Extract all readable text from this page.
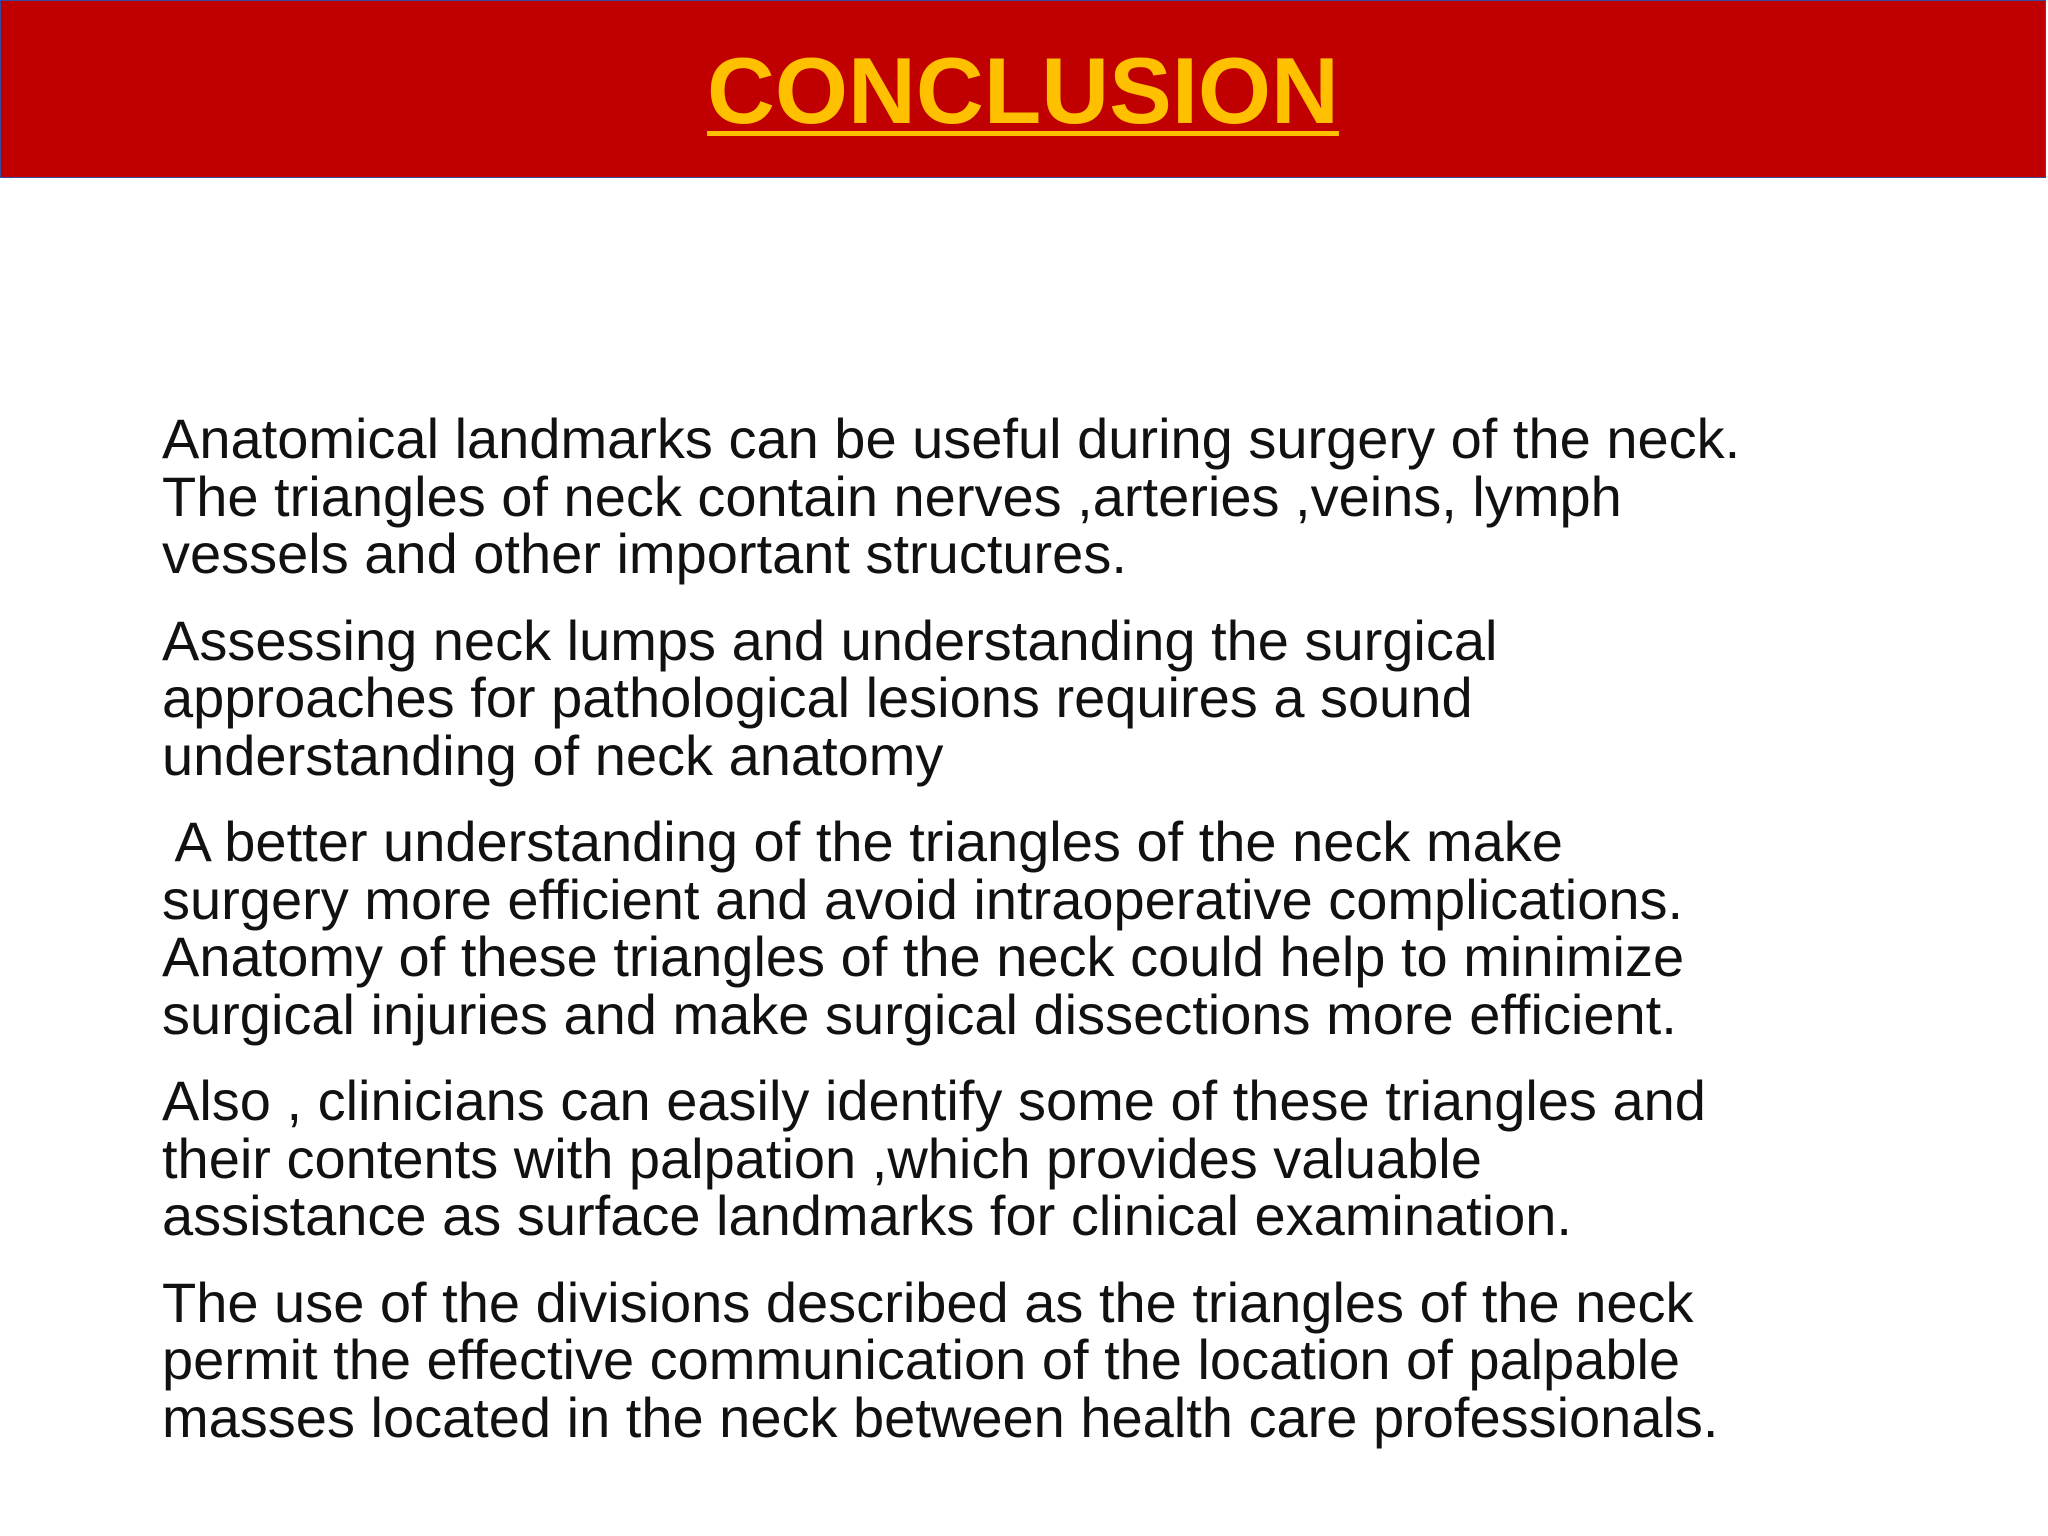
CONCLUSION

Anatomical landmarks can be useful during surgery of the neck.
The triangles of neck contain nerves ,arteries ,veins, lymph
vessels and other important structures.

Assessing neck lumps and understanding the surgical
approaches for pathological lesions requires a sound
understanding of neck anatomy

A better understanding of the triangles of the neck make
surgery more efficient and avoid intraoperative complications.
Anatomy of these triangles of the neck could help to minimize
surgical injuries and make surgical dissections more efficient.

Also , clinicians can easily identify some of these triangles and
their contents with palpation ,which provides valuable
assistance as surface landmarks for clinical examination.

The use of the divisions described as the triangles of the neck
permit the effective communication of the location of palpable
masses located in the neck between health care professionals.
